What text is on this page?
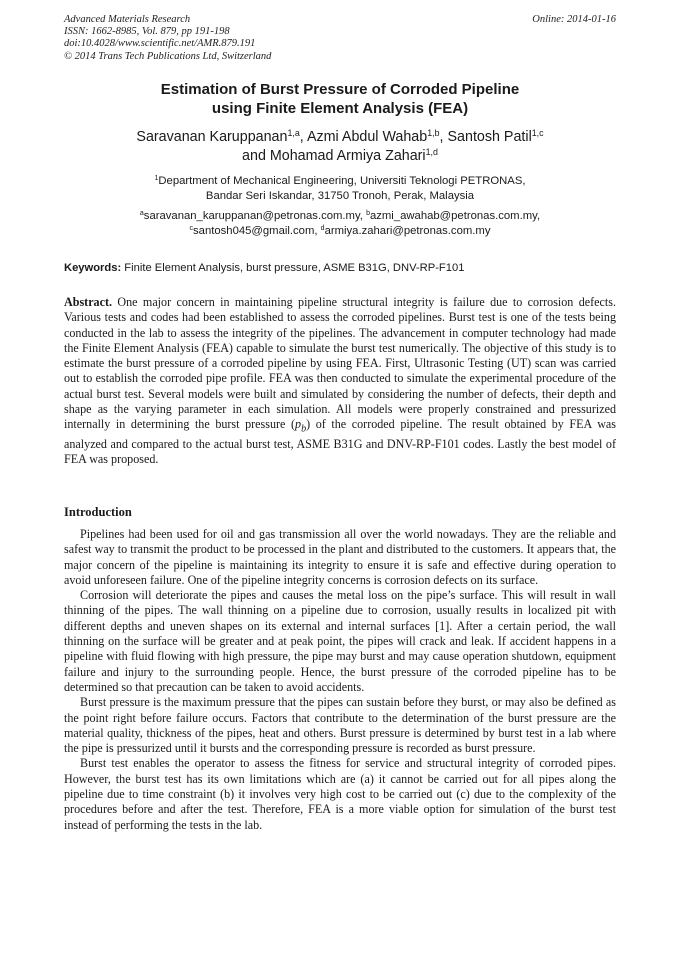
Advanced Materials Research
ISSN: 1662-8985, Vol. 879, pp 191-198
doi:10.4028/www.scientific.net/AMR.879.191
© 2014 Trans Tech Publications Ltd, Switzerland
Online: 2014-01-16
Estimation of Burst Pressure of Corroded Pipeline
using Finite Element Analysis (FEA)
Saravanan Karuppanan$^{1,a}$, Azmi Abdul Wahab$^{1,b}$, Santosh Patil$^{1,c}$
and Mohamad Armiya Zahari$^{1,d}$
$^1$Department of Mechanical Engineering, Universiti Teknologi PETRONAS,
Bandar Seri Iskandar, 31750 Tronoh, Perak, Malaysia
$^a$saravanan_karuppanan@petronas.com.my, $^b$azmi_awahab@petronas.com.my,
$^c$santosh045@gmail.com, $^d$armiya.zahari@petronas.com.my
Keywords: Finite Element Analysis, burst pressure, ASME B31G, DNV-RP-F101

Abstract. One major concern in maintaining pipeline structural integrity is failure due to corrosion defects. Various tests and codes had been established to assess the corroded pipelines. Burst test is one of the tests being conducted in the lab to assess the integrity of the pipelines. The advancement in computer technology had made the Finite Element Analysis (FEA) capable to simulate the burst test numerically. The objective of this study is to estimate the burst pressure of a corroded pipeline by using FEA. First, Ultrasonic Testing (UT) scan was carried out to establish the corroded pipe profile. FEA was then conducted to simulate the experimental procedure of the actual burst test. Several models were built and simulated by considering the number of defects, their depth and shape as the varying parameter in each simulation. All models were properly constrained and pressurized internally in determining the burst pressure $(p_b)$ of the corroded pipeline. The result obtained by FEA was analyzed and compared to the actual burst test, ASME B31G and DNV-RP-F101 codes. Lastly the best model of FEA was proposed.

Introduction

Pipelines had been used for oil and gas transmission all over the world nowadays. They are the reliable and safest way to transmit the product to be processed in the plant and distributed to the customers. It appears that, the major concern of the pipeline is maintaining its integrity to ensure it is safe and effective during operation to avoid unforeseen failure. One of the pipeline integrity concerns is corrosion defects on its surface.

Corrosion will deteriorate the pipes and causes the metal loss on the pipe’s surface. This will result in wall thinning of the pipes. The wall thinning on a pipeline due to corrosion, usually results in localized pit with different depths and uneven shapes on its external and internal surfaces [1]. After a certain period, the wall thinning on the surface will be greater and at peak point, the pipes will crack and leak. If accident happens in a pipeline with fluid flowing with high pressure, the pipe may burst and may cause operation shutdown, equipment failure and injury to the surrounding people. Hence, the burst pressure of the corroded pipeline has to be determined so that precaution can be taken to avoid accidents.

Burst pressure is the maximum pressure that the pipes can sustain before they burst, or may also be defined as the point right before failure occurs. Factors that contribute to the determination of the burst pressure are the material quality, thickness of the pipes, heat and others. Burst pressure is determined by burst test in a lab where the pipe is pressurized until it bursts and the corresponding pressure is recorded as burst pressure.

Burst test enables the operator to assess the fitness for service and structural integrity of corroded pipes. However, the burst test has its own limitations which are (a) it cannot be carried out for all pipes along the pipeline due to time constraint (b) it involves very high cost to be carried out (c) due to the complexity of the procedures before and after the test. Therefore, FEA is a more viable option for simulation of the burst test instead of performing the tests in the lab.
